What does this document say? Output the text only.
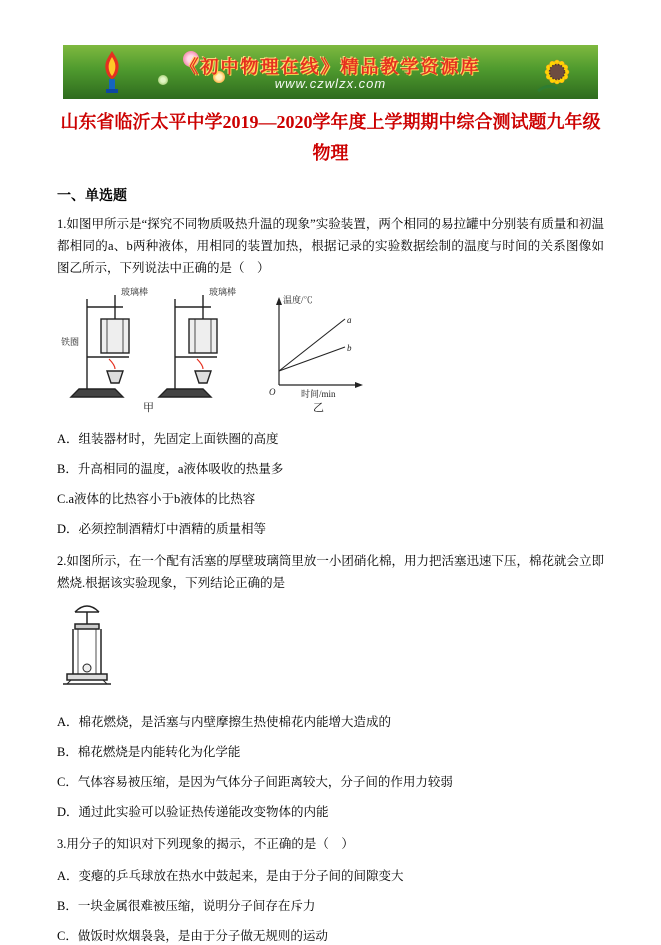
《初中物理在线》精品教学资源库
www.czwlzx.com
山东省临沂太平中学2019—2020学年度上学期期中综合测试题九年级
物理
一、单选题

1.如图甲所示是“探究不同物质吸热升温的现象”实验装置，两个相同的易拉罐中分别装有质量和初温都相同的a、b两种液体，用相同的装置加热，根据记录的实验数据绘制的温度与时间的关系图像如图乙所示，下列说法中正确的是（　）

铁圈
玻璃棒	玻璃棒
甲
温度/℃
a
b
O	时间/min
乙
A．组装器材时，先固定上面铁圈的高度
B．升高相同的温度，a液体吸收的热量多
C.a液体的比热容小于b液体的比热容
D．必须控制酒精灯中酒精的质量相等

2.如图所示，在一个配有活塞的厚壁玻璃筒里放一小团硝化棉，用力把活塞迅速下压，棉花就会立即燃烧.根据该实验现象，下列结论正确的是

A．棉花燃烧，是活塞与内壁摩擦生热使棉花内能增大造成的
B．棉花燃烧是内能转化为化学能
C．气体容易被压缩，是因为气体分子间距离较大，分子间的作用力较弱
D．通过此实验可以验证热传递能改变物体的内能

3.用分子的知识对下列现象的揭示，不正确的是（　）

A．变瘪的乒乓球放在热水中鼓起来，是由于分子间的间隙变大
B．一块金属很难被压缩，说明分子间存在斥力
C．做饭时炊烟袅袅，是由于分子做无规则的运动
